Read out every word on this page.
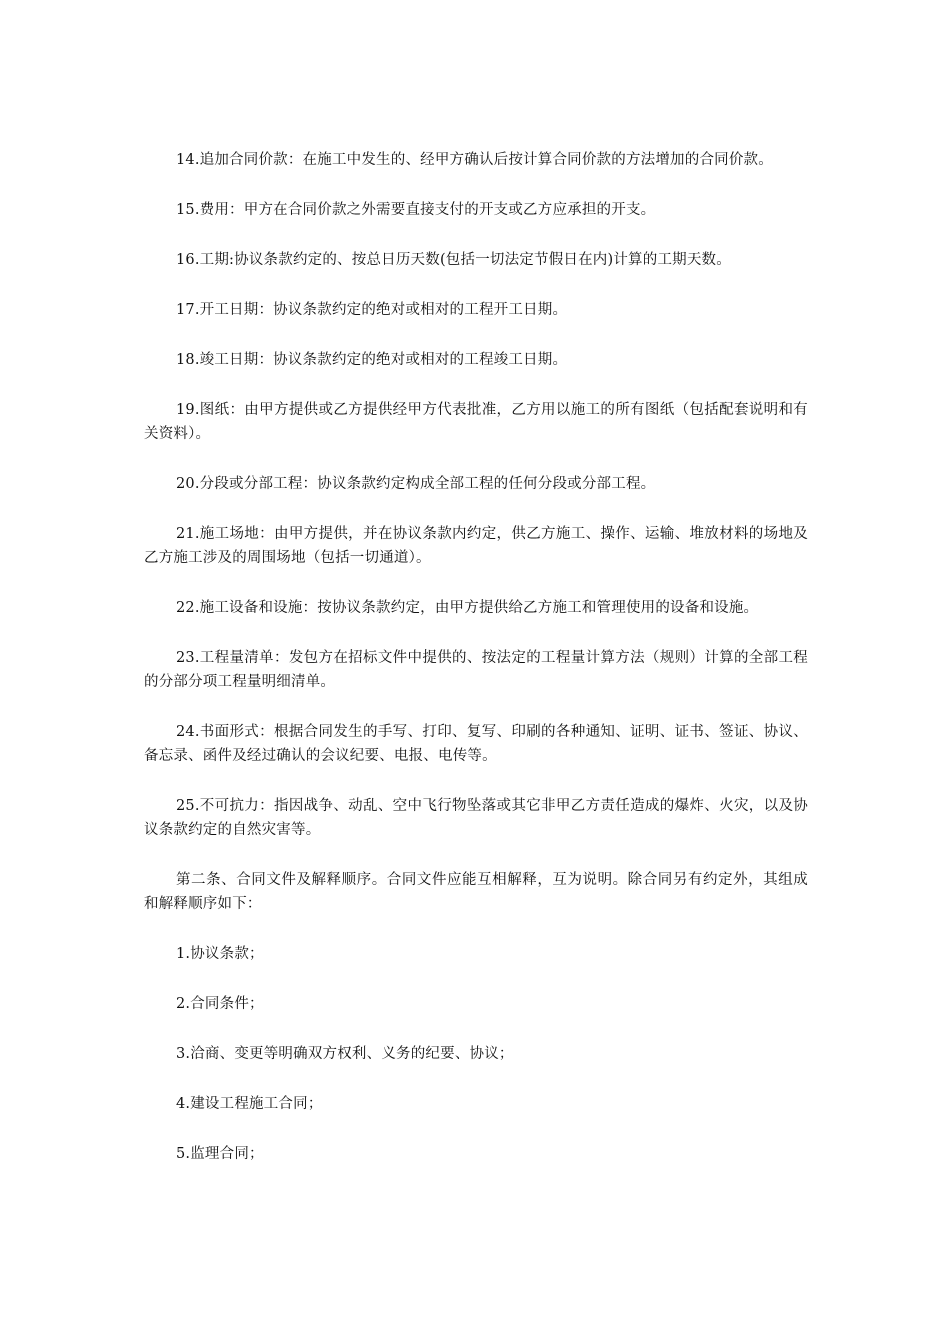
14.追加合同价款：在施工中发生的、经甲方确认后按计算合同价款的方法增加的合同价款。

15.费用：甲方在合同价款之外需要直接支付的开支或乙方应承担的开支。

16.工期:协议条款约定的、按总日历天数(包括一切法定节假日在内)计算的工期天数。

17.开工日期：协议条款约定的绝对或相对的工程开工日期。

18.竣工日期：协议条款约定的绝对或相对的工程竣工日期。

19.图纸：由甲方提供或乙方提供经甲方代表批准，乙方用以施工的所有图纸（包括配套说明和有关资料）。

20.分段或分部工程：协议条款约定构成全部工程的任何分段或分部工程。

21.施工场地：由甲方提供，并在协议条款内约定，供乙方施工、操作、运输、堆放材料的场地及乙方施工涉及的周围场地（包括一切通道）。

22.施工设备和设施：按协议条款约定，由甲方提供给乙方施工和管理使用的设备和设施。

23.工程量清单：发包方在招标文件中提供的、按法定的工程量计算方法（规则）计算的全部工程的分部分项工程量明细清单。

24.书面形式：根据合同发生的手写、打印、复写、印刷的各种通知、证明、证书、签证、协议、备忘录、函件及经过确认的会议纪要、电报、电传等。

25.不可抗力：指因战争、动乱、空中飞行物坠落或其它非甲乙方责任造成的爆炸、火灾，以及协议条款约定的自然灾害等。

第二条、合同文件及解释顺序。合同文件应能互相解释，互为说明。除合同另有约定外，其组成和解释顺序如下：

1.协议条款；

2.合同条件；

3.洽商、变更等明确双方权利、义务的纪要、协议；

4.建设工程施工合同；

5.监理合同；
